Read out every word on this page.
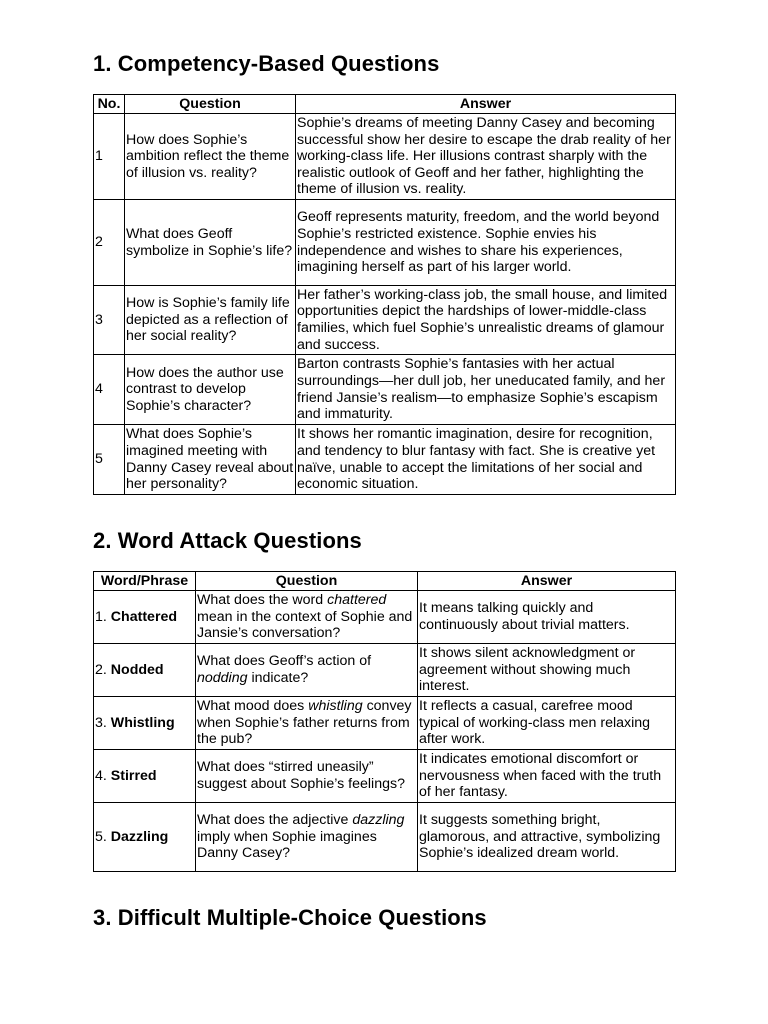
1. Competency-Based Questions
No.	Question	Answer
1	How does Sophie’s ambition reflect the theme of illusion vs. reality?	Sophie’s dreams of meeting Danny Casey and becoming successful show her desire to escape the drab reality of her working-class life. Her illusions contrast sharply with the realistic outlook of Geoff and her father, highlighting the theme of illusion vs. reality.
2	What does Geoff symbolize in Sophie’s life?	Geoff represents maturity, freedom, and the world beyond Sophie’s restricted existence. Sophie envies his independence and wishes to share his experiences, imagining herself as part of his larger world.
3	How is Sophie’s family life depicted as a reflection of her social reality?	Her father’s working-class job, the small house, and limited opportunities depict the hardships of lower-middle-class families, which fuel Sophie’s unrealistic dreams of glamour and success.
4	How does the author use contrast to develop Sophie’s character?	Barton contrasts Sophie’s fantasies with her actual surroundings—her dull job, her uneducated family, and her friend Jansie’s realism—to emphasize Sophie’s escapism and immaturity.
5	What does Sophie’s imagined meeting with Danny Casey reveal about her personality?	It shows her romantic imagination, desire for recognition, and tendency to blur fantasy with fact. She is creative yet naïve, unable to accept the limitations of her social and economic situation.
2. Word Attack Questions
Word/Phrase	Question	Answer
1. Chattered	What does the word chattered mean in the context of Sophie and Jansie’s conversation?	It means talking quickly and continuously about trivial matters.
2. Nodded	What does Geoff’s action of nodding indicate?	It shows silent acknowledgment or agreement without showing much interest.
3. Whistling	What mood does whistling convey when Sophie’s father returns from the pub?	It reflects a casual, carefree mood typical of working-class men relaxing after work.
4. Stirred	What does “stirred uneasily” suggest about Sophie’s feelings?	It indicates emotional discomfort or nervousness when faced with the truth of her fantasy.
5. Dazzling	What does the adjective dazzling imply when Sophie imagines Danny Casey?	It suggests something bright, glamorous, and attractive, symbolizing Sophie’s idealized dream world.
3. Difficult Multiple-Choice Questions
